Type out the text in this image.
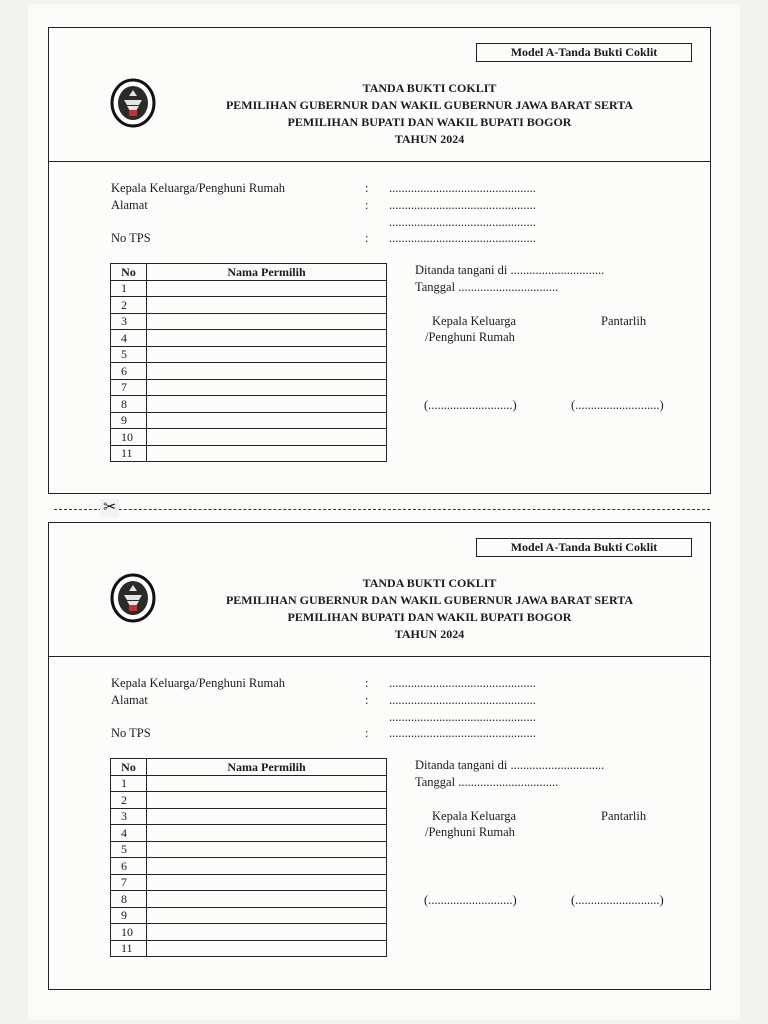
Model A-Tanda Bukti Coklit
TANDA BUKTI COKLIT
PEMILIHAN GUBERNUR DAN WAKIL GUBERNUR JAWA BARAT SERTA
PEMILIHAN BUPATI DAN WAKIL BUPATI BOGOR
TAHUN 2024
Kepala Keluarga/Penghuni Rumah	: ...............................................
Alamat	: ...............................................
...............................................
No TPS	: ...............................................
No	Nama Permilih
1	
2	
3	
4	
5	
6	
7	
8	
9	
10	
11	
Ditanda tangani di ..............................
Tanggal ................................
Kepala Keluarga
/Penghuni Rumah
Pantarlih
(...........................)	(...........................)
✂
Model A-Tanda Bukti Coklit
TANDA BUKTI COKLIT
PEMILIHAN GUBERNUR DAN WAKIL GUBERNUR JAWA BARAT SERTA
PEMILIHAN BUPATI DAN WAKIL BUPATI BOGOR
TAHUN 2024
Kepala Keluarga/Penghuni Rumah	: ...............................................
Alamat	: ...............................................
...............................................
No TPS	: ...............................................
No	Nama Permilih
1	
2	
3	
4	
5	
6	
7	
8	
9	
10	
11	
Ditanda tangani di ..............................
Tanggal ................................
Kepala Keluarga
/Penghuni Rumah
Pantarlih
(...........................)	(...........................)
